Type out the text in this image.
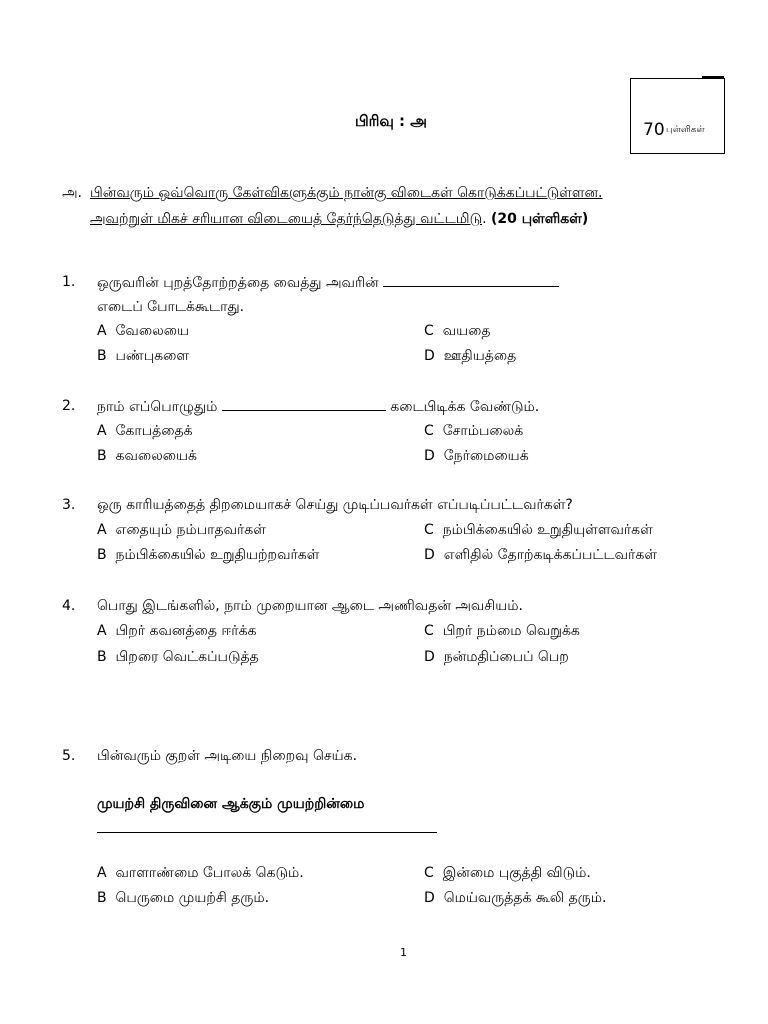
70 புள்ளிகள்
பிரிவு : அ
அ. பின்வரும் ஒவ்வொரு கேள்விகளுக்கும் நான்கு விடைகள் கொடுக்கப்பட்டுள்ளன.
அவற்றுள் மிகச் சரியான விடையைத் தேர்ந்தெடுத்து வட்டமிடு. (20 புள்ளிகள்)
1. ஒருவரின் புறத்தோற்றத்தை வைத்து அவரின்
எடைப் போடக்கூடாது.
A வேலையை
B பண்புகளை
C வயதை
D ஊதியத்தை
2. நாம் எப்பொழுதும்	கடைபிடிக்க வேண்டும்.
A கோபத்தைக்
B கவலையைக்
C சோம்பலைக்
D நேர்மையைக்
3. ஒரு காரியத்தைத் திறமையாகச் செய்து முடிப்பவர்கள் எப்படிப்பட்டவர்கள்?
A எதையும் நம்பாதவர்கள்
B நம்பிக்கையில் உறுதியற்றவர்கள்
C நம்பிக்கையில் உறுதியுள்ளவர்கள்
D எளிதில் தோற்கடிக்கப்பட்டவர்கள்
4. பொது இடங்களில், நாம் முறையான ஆடை அணிவதன் அவசியம்.
A பிறர் கவனத்தை ஈர்க்க
B பிறரை வெட்கப்படுத்த
C பிறர் நம்மை வெறுக்க
D நன்மதிப்பைப் பெற
5. பின்வரும் குறள் அடியை நிறைவு செய்க.
முயற்சி திருவினை ஆக்கும் முயற்றின்மை
A வாளாண்மை போலக் கெடும்.
B பெருமை முயற்சி தரும்.
C இன்மை புகுத்தி விடும்.
D மெய்வருத்தக் கூலி தரும்.
1
